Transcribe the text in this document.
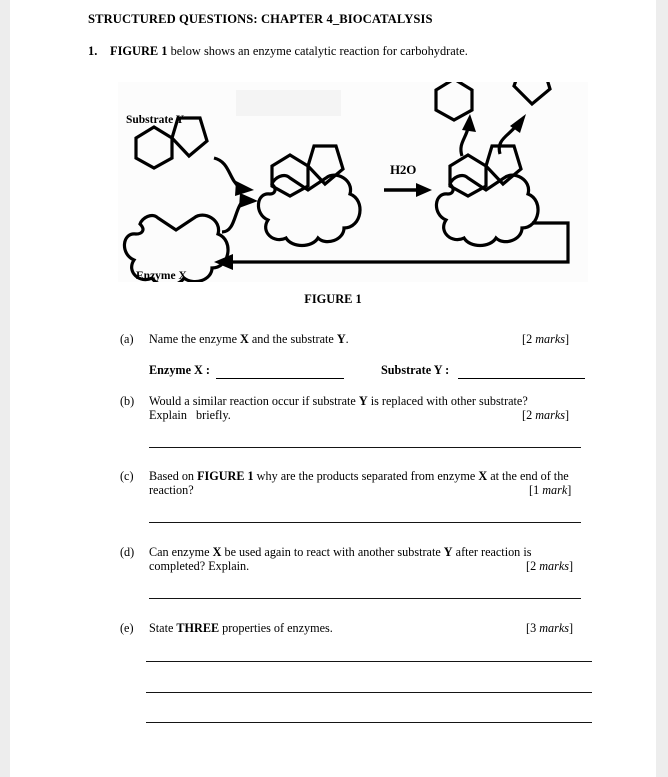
STRUCTURED QUESTIONS: CHAPTER 4_BIOCATALYSIS
1. FIGURE 1 below shows an enzyme catalytic reaction for carbohydrate.
Substrate Y
Enzyme X
H2O
FIGURE 1
(a) Name the enzyme X and the substrate Y.	[2 marks]
Enzyme X :	Substrate Y :
(b) Would a similar reaction occur if substrate Y is replaced with other substrate? Explain   briefly.	[2 marks]
(c) Based on FIGURE 1 why are the products separated from enzyme X at the end of the reaction?	[1 mark]
(d) Can enzyme X be used again to react with another substrate Y after reaction is completed? Explain.	[2 marks]
(e) State THREE properties of enzymes.	[3 marks]
